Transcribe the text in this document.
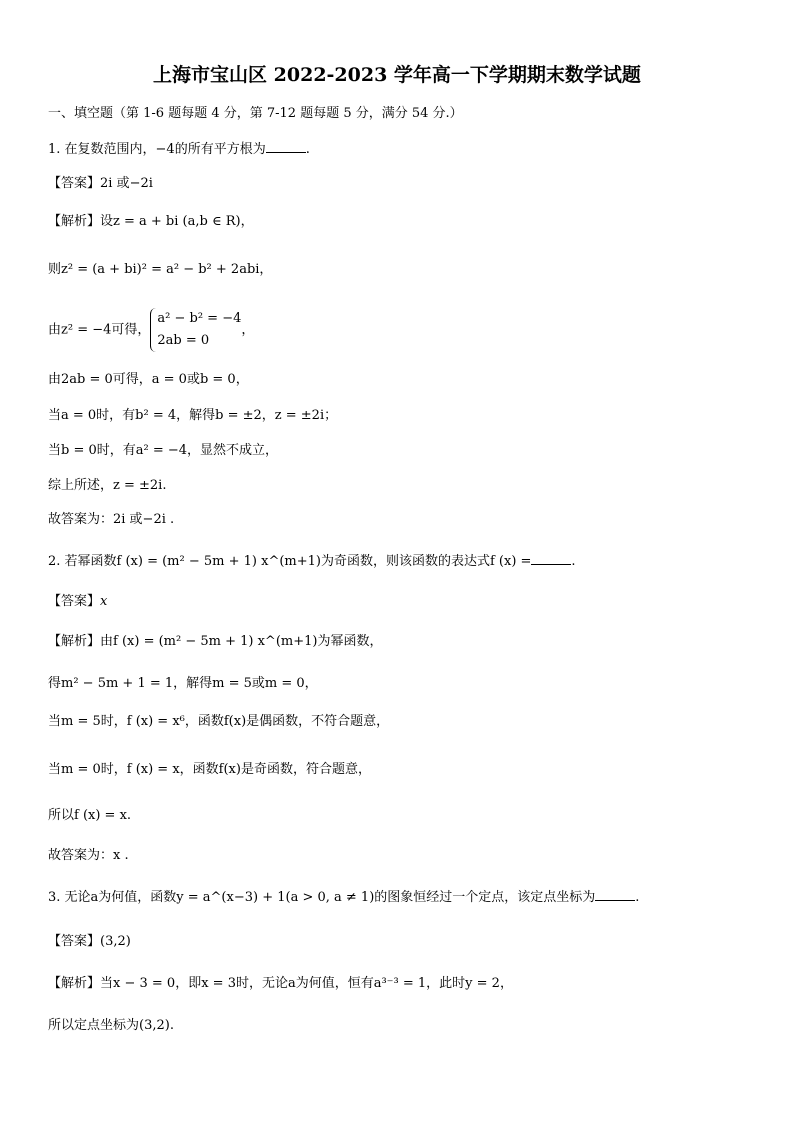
上海市宝山区 2022-2023 学年高一下学期期末数学试题
一、填空题（第 1-6 题每题 4 分，第 7-12 题每题 5 分，满分 54 分.）
1. 在复数范围内，−4的所有平方根为	.
【答案】2i 或−2i
【解析】设z = a + bi (a,b ∈ R)，
则z² = (a + bi)² = a² − b² + 2abi，
由z² = −4可得，a² − b² = −4
2ab = 0，
由2ab = 0可得，a = 0或b = 0，
当a = 0时，有b² = 4，解得b = ±2，z = ±2i；
当b = 0时，有a² = −4，显然不成立，
综上所述，z = ±2i.
故答案为：2i 或−2i .
2. 若幂函数f (x) = (m² − 5m + 1) x^(m+1)为奇函数，则该函数的表达式f (x) =	.
【答案】x
【解析】由f (x) = (m² − 5m + 1) x^(m+1)为幂函数，
得m² − 5m + 1 = 1，解得m = 5或m = 0，
当m = 5时，f (x) = x⁶，函数f(x)是偶函数，不符合题意，
当m = 0时，f (x) = x，函数f(x)是奇函数，符合题意，
所以f (x) = x.
故答案为：x .
3. 无论a为何值，函数y = a^(x−3) + 1(a > 0, a ≠ 1)的图象恒经过一个定点，该定点坐标为	.
【答案】(3,2)
【解析】当x − 3 = 0，即x = 3时，无论a为何值，恒有a³⁻³ = 1，此时y = 2，
所以定点坐标为(3,2).
